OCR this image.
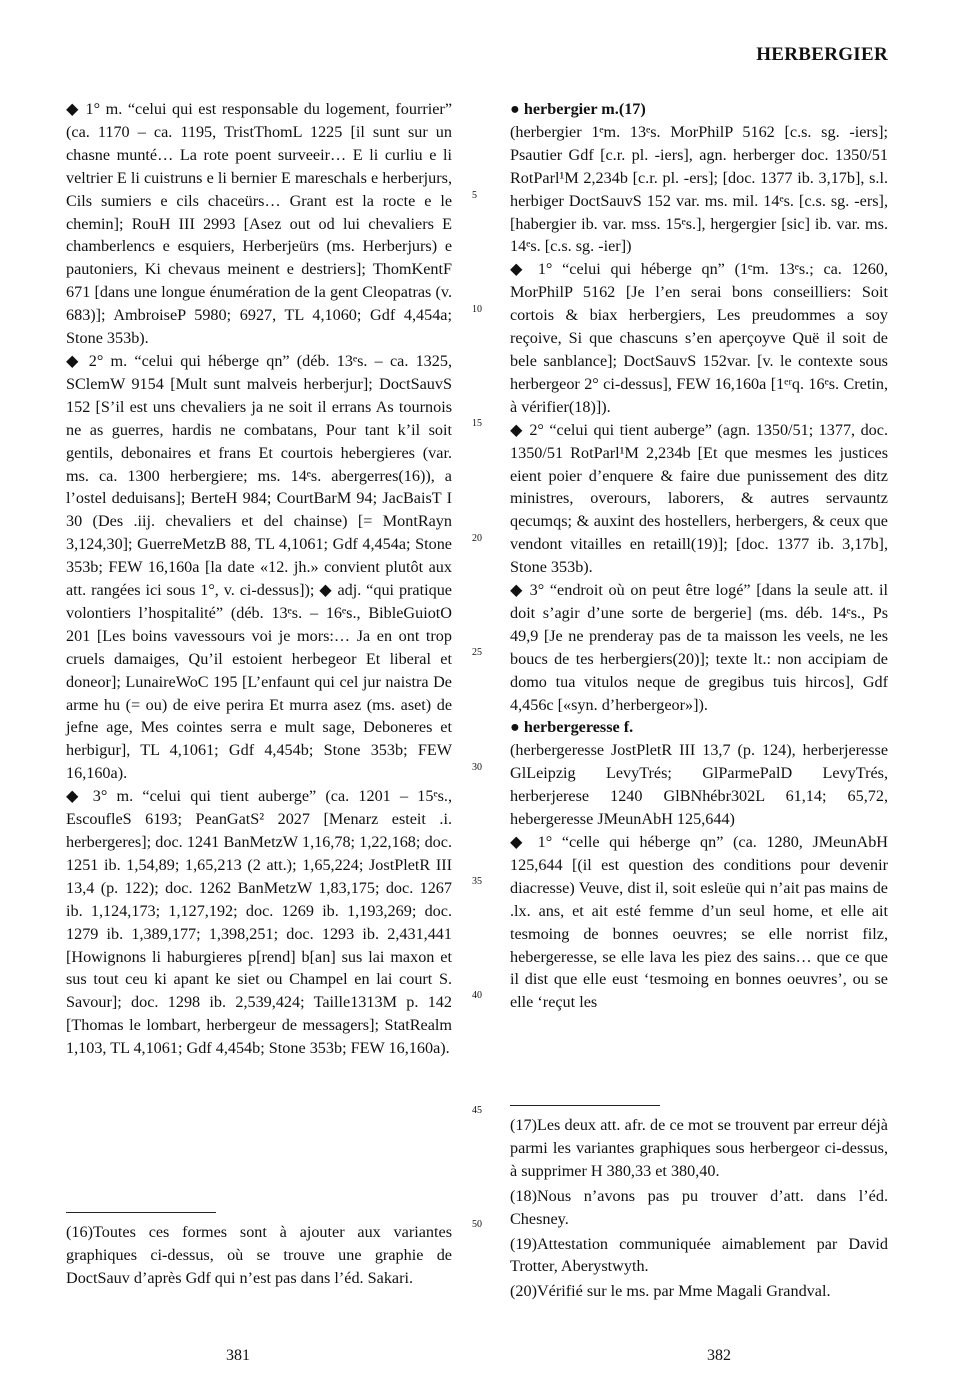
HERBERGIER

◆ 1° m. “celui qui est responsable du logement, fourrier” (ca. 1170 – ca. 1195, TristThomL 1225 [il sunt sur un chasne munté… La rote poent surveeir… E li curliu e li veltrier E li cuistruns e li bernier E mareschals e herberjurs, Cils sumiers e cils chaceürs… Grant est la rocte e le chemin]; RouH III 2993 [Asez out od lui chevaliers E chamberlencs e esquiers, Herberjeürs (ms. Herberjurs) e pautoniers, Ki chevaus meinent e destriers]; ThomKentF 671 [dans une longue énumération de la gent Cleopatras (v. 683)]; AmbroiseP 5980; 6927, TL 4,1060; Gdf 4,454a; Stone 353b).

◆ 2° m. “celui qui héberge qn” (déb. 13ᵉs. – ca. 1325, SClemW 9154 [Mult sunt malveis herberjur]; DoctSauvS 152 [S’il est uns chevaliers ja ne soit il errans As tournois ne as guerres, hardis ne combatans, Pour tant k’il soit gentils, debonaires et frans Et courtois hebergieres (var. ms. ca. 1300 herbergiere; ms. 14ᵉs. abergerres(16)), a l’ostel deduisans]; BerteH 984; CourtBarM 94; JacBaisT I 30 (Des .iij. chevaliers et del chainse) [= MontRayn 3,124,30]; GuerreMetzB 88, TL 4,1061; Gdf 4,454a; Stone 353b; FEW 16,160a [la date «12. jh.» convient plutôt aux att. rangées ici sous 1°, v. ci-dessus]); ◆ adj. “qui pratique volontiers l’hospitalité” (déb. 13ᵉs. – 16ᵉs., BibleGuiotO 201 [Les boins vavessours voi je mors:… Ja en ont trop cruels damaiges, Qu’il estoient herbegeor Et liberal et doneor]; LunaireWoC 195 [L’enfaunt qui cel jur naistra De arme hu (= ou) de eive perira Et murra asez (ms. aset) de jefne age, Mes cointes serra e mult sage, Deboneres et herbigur], TL 4,1061; Gdf 4,454b; Stone 353b; FEW 16,160a).

◆ 3° m. “celui qui tient auberge” (ca. 1201 – 15ᵉs., EscoufleS 6193; PeanGatS² 2027 [Menarz esteit .i. herbergeres]; doc. 1241 BanMetzW 1,16,78; 1,22,168; doc. 1251 ib. 1,54,89; 1,65,213 (2 att.); 1,65,224; JostPletR III 13,4 (p. 122); doc. 1262 BanMetzW 1,83,175; doc. 1267 ib. 1,124,173; 1,127,192; doc. 1269 ib. 1,193,269; doc. 1279 ib. 1,389,177; 1,398,251; doc. 1293 ib. 2,431,441 [Howignons li haburgieres p[rend] b[an] sus lai maxon et sus tout ceu ki apant ke siet ou Champel en lai court S. Savour]; doc. 1298 ib. 2,539,424; Taille1313M p. 142 [Thomas le lombart, herbergeur de messagers]; StatRealm 1,103, TL 4,1061; Gdf 4,454b; Stone 353b; FEW 16,160a).

5
10
15
20
25
30
35
40
45
50

● herbergier m.(17)

(herbergier 1ᵉm. 13ᵉs. MorPhilP 5162 [c.s. sg. -iers]; Psautier Gdf [c.r. pl. -iers], agn. herberger doc. 1350/51 RotParl¹M 2,234b [c.r. pl. -ers]; [doc. 1377 ib. 3,17b], s.l. herbiger DoctSauvS 152 var. ms. mil. 14ᵉs. [c.s. sg. -ers], [habergier ib. var. mss. 15ᵉs.], hergergier [sic] ib. var. ms. 14ᵉs. [c.s. sg. -ier])

◆ 1° “celui qui héberge qn” (1ᵉm. 13ᵉs.; ca. 1260, MorPhilP 5162 [Je l’en serai bons conseilliers: Soit cortois & biax herbergiers, Les preudommes a soy reçoive, Si que chascuns s’en aperçoyve Quë il soit de bele sanblance]; DoctSauvS 152var. [v. le contexte sous herbergeor 2° ci-dessus], FEW 16,160a [1ᵉʳq. 16ᵉs. Cretin, à vérifier(18)]).

◆ 2° “celui qui tient auberge” (agn. 1350/51; 1377, doc. 1350/51 RotParl¹M 2,234b [Et que mesmes les justices eient poier d’enquere & faire due punissement des ditz ministres, overours, laborers, & autres servauntz qecumqs; & auxint des hostellers, herbergers, & ceux que vendont vitailles en retaill(19)]; [doc. 1377 ib. 3,17b], Stone 353b).

◆ 3° “endroit où on peut être logé” [dans la seule att. il doit s’agir d’une sorte de bergerie] (ms. déb. 14ᵉs., Ps 49,9 [Je ne prenderay pas de ta maisson les veels, ne les boucs de tes herbergiers(20)]; texte lt.: non accipiam de domo tua vitulos neque de gregibus tuis hircos], Gdf 4,456c [«syn. d’herbergeor»]).

● herbergeresse f.

(herbergeresse JostPletR III 13,7 (p. 124), herberjeresse GlLeipzig LevyTrés; GlParmePalD LevyTrés, herberjerese 1240 GlBNhébr302L 61,14; 65,72, hebergeresse JMeunAbH 125,644)

◆ 1° “celle qui héberge qn” (ca. 1280, JMeunAbH 125,644 [(il est question des conditions pour devenir diacresse) Veuve, dist il, soit esleüe qui n’ait pas mains de .lx. ans, et ait esté femme d’un seul home, et elle ait tesmoing de bonnes oeuvres; se elle norrist filz, hebergeresse, se elle lava les piez des sains… que ce que il dist que elle eust ‘tesmoing en bonnes oeuvres’, ou se elle ‘reçut les

(16)Toutes ces formes sont à ajouter aux variantes graphiques ci-dessus, où se trouve une graphie de DoctSauv d’après Gdf qui n’est pas dans l’éd. Sakari.

(17)Les deux att. afr. de ce mot se trouvent par erreur déjà parmi les variantes graphiques sous herbergeor ci-dessus, à supprimer H 380,33 et 380,40.

(18)Nous n’avons pas pu trouver d’att. dans l’éd. Chesney.

(19)Attestation communiquée aimablement par David Trotter, Aberystwyth.

(20)Vérifié sur le ms. par Mme Magali Grandval.

381	382
